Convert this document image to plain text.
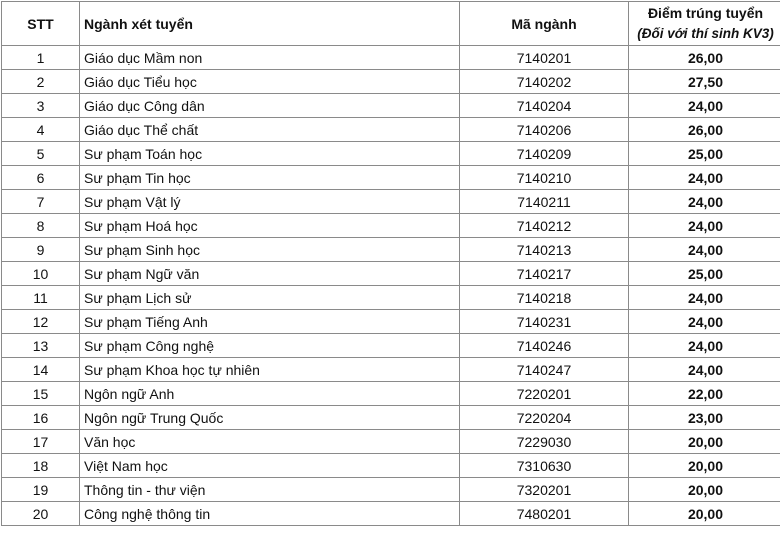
STT	Ngành xét tuyển	Mã ngành	Điểm trúng tuyển
(Đối với thí sinh KV3)

1	Giáo dục Mầm non	7140201	26,00
2	Giáo dục Tiểu học	7140202	27,50
3	Giáo dục Công dân	7140204	24,00
4	Giáo dục Thể chất	7140206	26,00
5	Sư phạm Toán học	7140209	25,00
6	Sư phạm Tin học	7140210	24,00
7	Sư phạm Vật lý	7140211	24,00
8	Sư phạm Hoá học	7140212	24,00
9	Sư phạm Sinh học	7140213	24,00
10	Sư phạm Ngữ văn	7140217	25,00
11	Sư phạm Lịch sử	7140218	24,00
12	Sư phạm Tiếng Anh	7140231	24,00
13	Sư phạm Công nghệ	7140246	24,00
14	Sư phạm Khoa học tự nhiên	7140247	24,00
15	Ngôn ngữ Anh	7220201	22,00
16	Ngôn ngữ Trung Quốc	7220204	23,00
17	Văn học	7229030	20,00
18	Việt Nam học	7310630	20,00
19	Thông tin - thư viện	7320201	20,00
20	Công nghệ thông tin	7480201	20,00
